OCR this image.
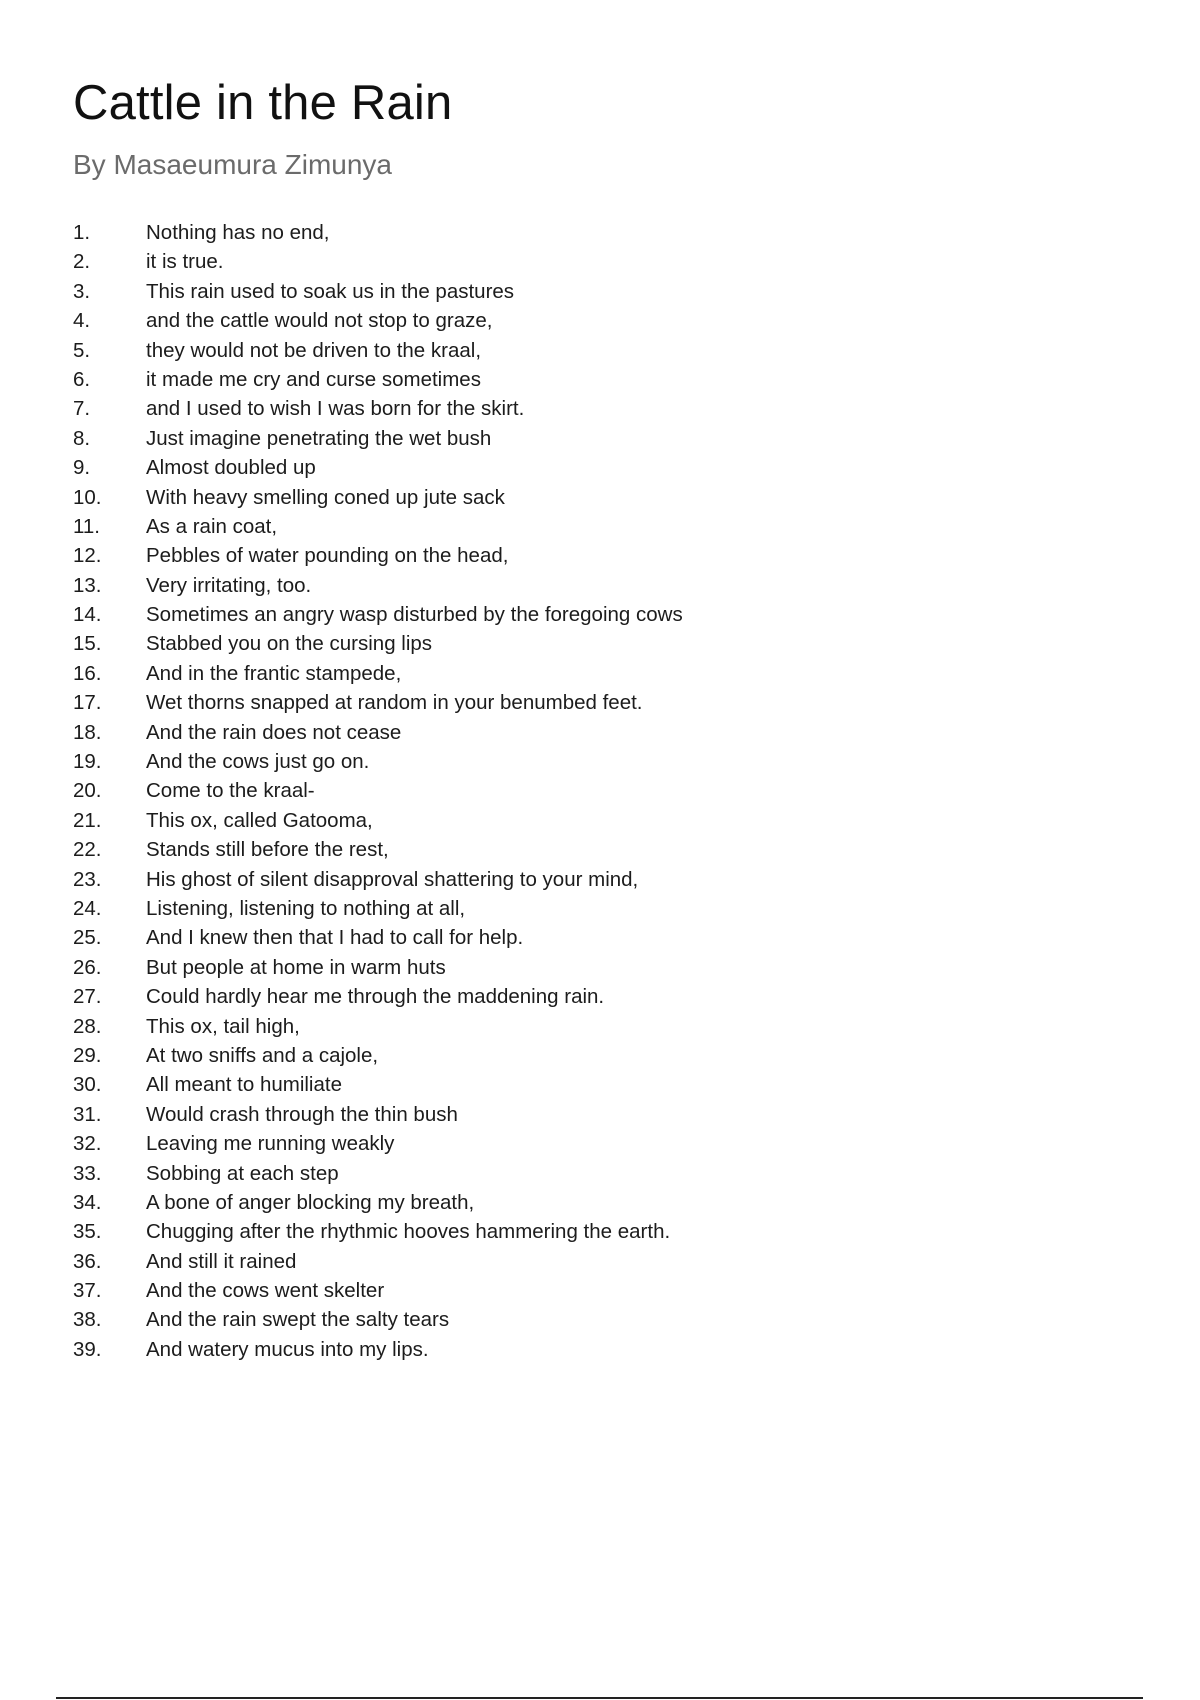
Cattle in the Rain

By Masaeumura Zimunya

1.	Nothing has no end,
2.	it is true.
3.	This rain used to soak us in the pastures
4.	and the cattle would not stop to graze,
5.	they would not be driven to the kraal,
6.	it made me cry and curse sometimes
7.	and I used to wish I was born for the skirt.
8.	Just imagine penetrating the wet bush
9.	Almost doubled up
10.	With heavy smelling coned up jute sack
11.	As a rain coat,
12.	Pebbles of water pounding on the head,
13.	Very irritating, too.
14.	Sometimes an angry wasp disturbed by the foregoing cows
15.	Stabbed you on the cursing lips
16.	And in the frantic stampede,
17.	Wet thorns snapped at random in your benumbed feet.
18.	And the rain does not cease
19.	And the cows just go on.
20.	Come to the kraal-
21.	This ox, called Gatooma,
22.	Stands still before the rest,
23.	His ghost of silent disapproval shattering to your mind,
24.	Listening, listening to nothing at all,
25.	And I knew then that I had to call for help.
26.	But people at home in warm huts
27.	Could hardly hear me through the maddening rain.
28.	This ox, tail high,
29.	At two sniffs and a cajole,
30.	All meant to humiliate
31.	Would crash through the thin bush
32.	Leaving me running weakly
33.	Sobbing at each step
34.	A bone of anger blocking my breath,
35.	Chugging after the rhythmic hooves hammering the earth.
36.	And still it rained
37.	And the cows went skelter
38.	And the rain swept the salty tears
39.	And watery mucus into my lips.
